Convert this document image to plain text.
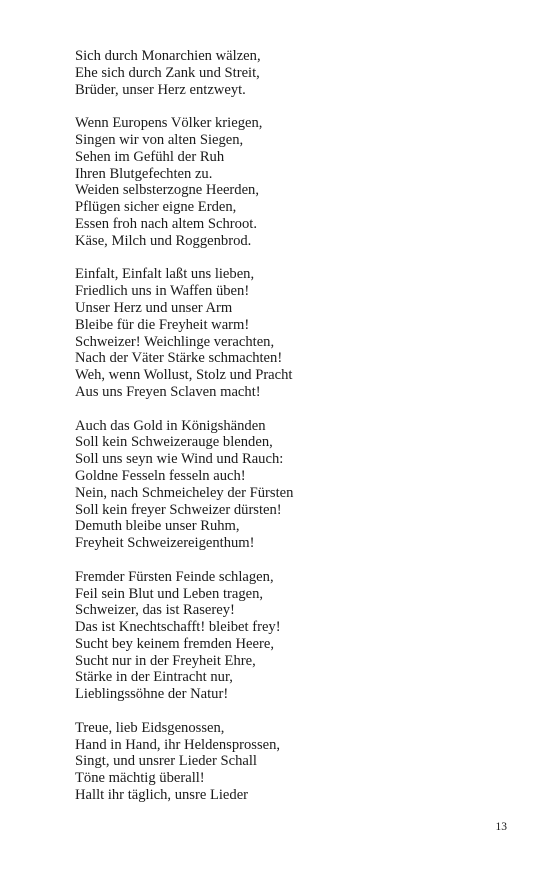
Sich durch Monarchien wälzen,
Ehe sich durch Zank und Streit,
Brüder, unser Herz entzweyt.
Wenn Europens Völker kriegen,
Singen wir von alten Siegen,
Sehen im Gefühl der Ruh
Ihren Blutgefechten zu.
Weiden selbsterzogne Heerden,
Pflügen sicher eigne Erden,
Essen froh nach altem Schroot.
Käse, Milch und Roggenbrod.
Einfalt, Einfalt laßt uns lieben,
Friedlich uns in Waffen üben!
Unser Herz und unser Arm
Bleibe für die Freyheit warm!
Schweizer! Weichlinge verachten,
Nach der Väter Stärke schmachten!
Weh, wenn Wollust, Stolz und Pracht
Aus uns Freyen Sclaven macht!
Auch das Gold in Königshänden
Soll kein Schweizerauge blenden,
Soll uns seyn wie Wind und Rauch:
Goldne Fesseln fesseln auch!
Nein, nach Schmeicheley der Fürsten
Soll kein freyer Schweizer dürsten!
Demuth bleibe unser Ruhm,
Freyheit Schweizereigenthum!
Fremder Fürsten Feinde schlagen,
Feil sein Blut und Leben tragen,
Schweizer, das ist Raserey!
Das ist Knechtschafft! bleibet frey!
Sucht bey keinem fremden Heere,
Sucht nur in der Freyheit Ehre,
Stärke in der Eintracht nur,
Lieblingssöhne der Natur!
Treue, lieb Eidsgenossen,
Hand in Hand, ihr Heldensprossen,
Singt, und unsrer Lieder Schall
Töne mächtig überall!
Hallt ihr täglich, unsre Lieder
13
